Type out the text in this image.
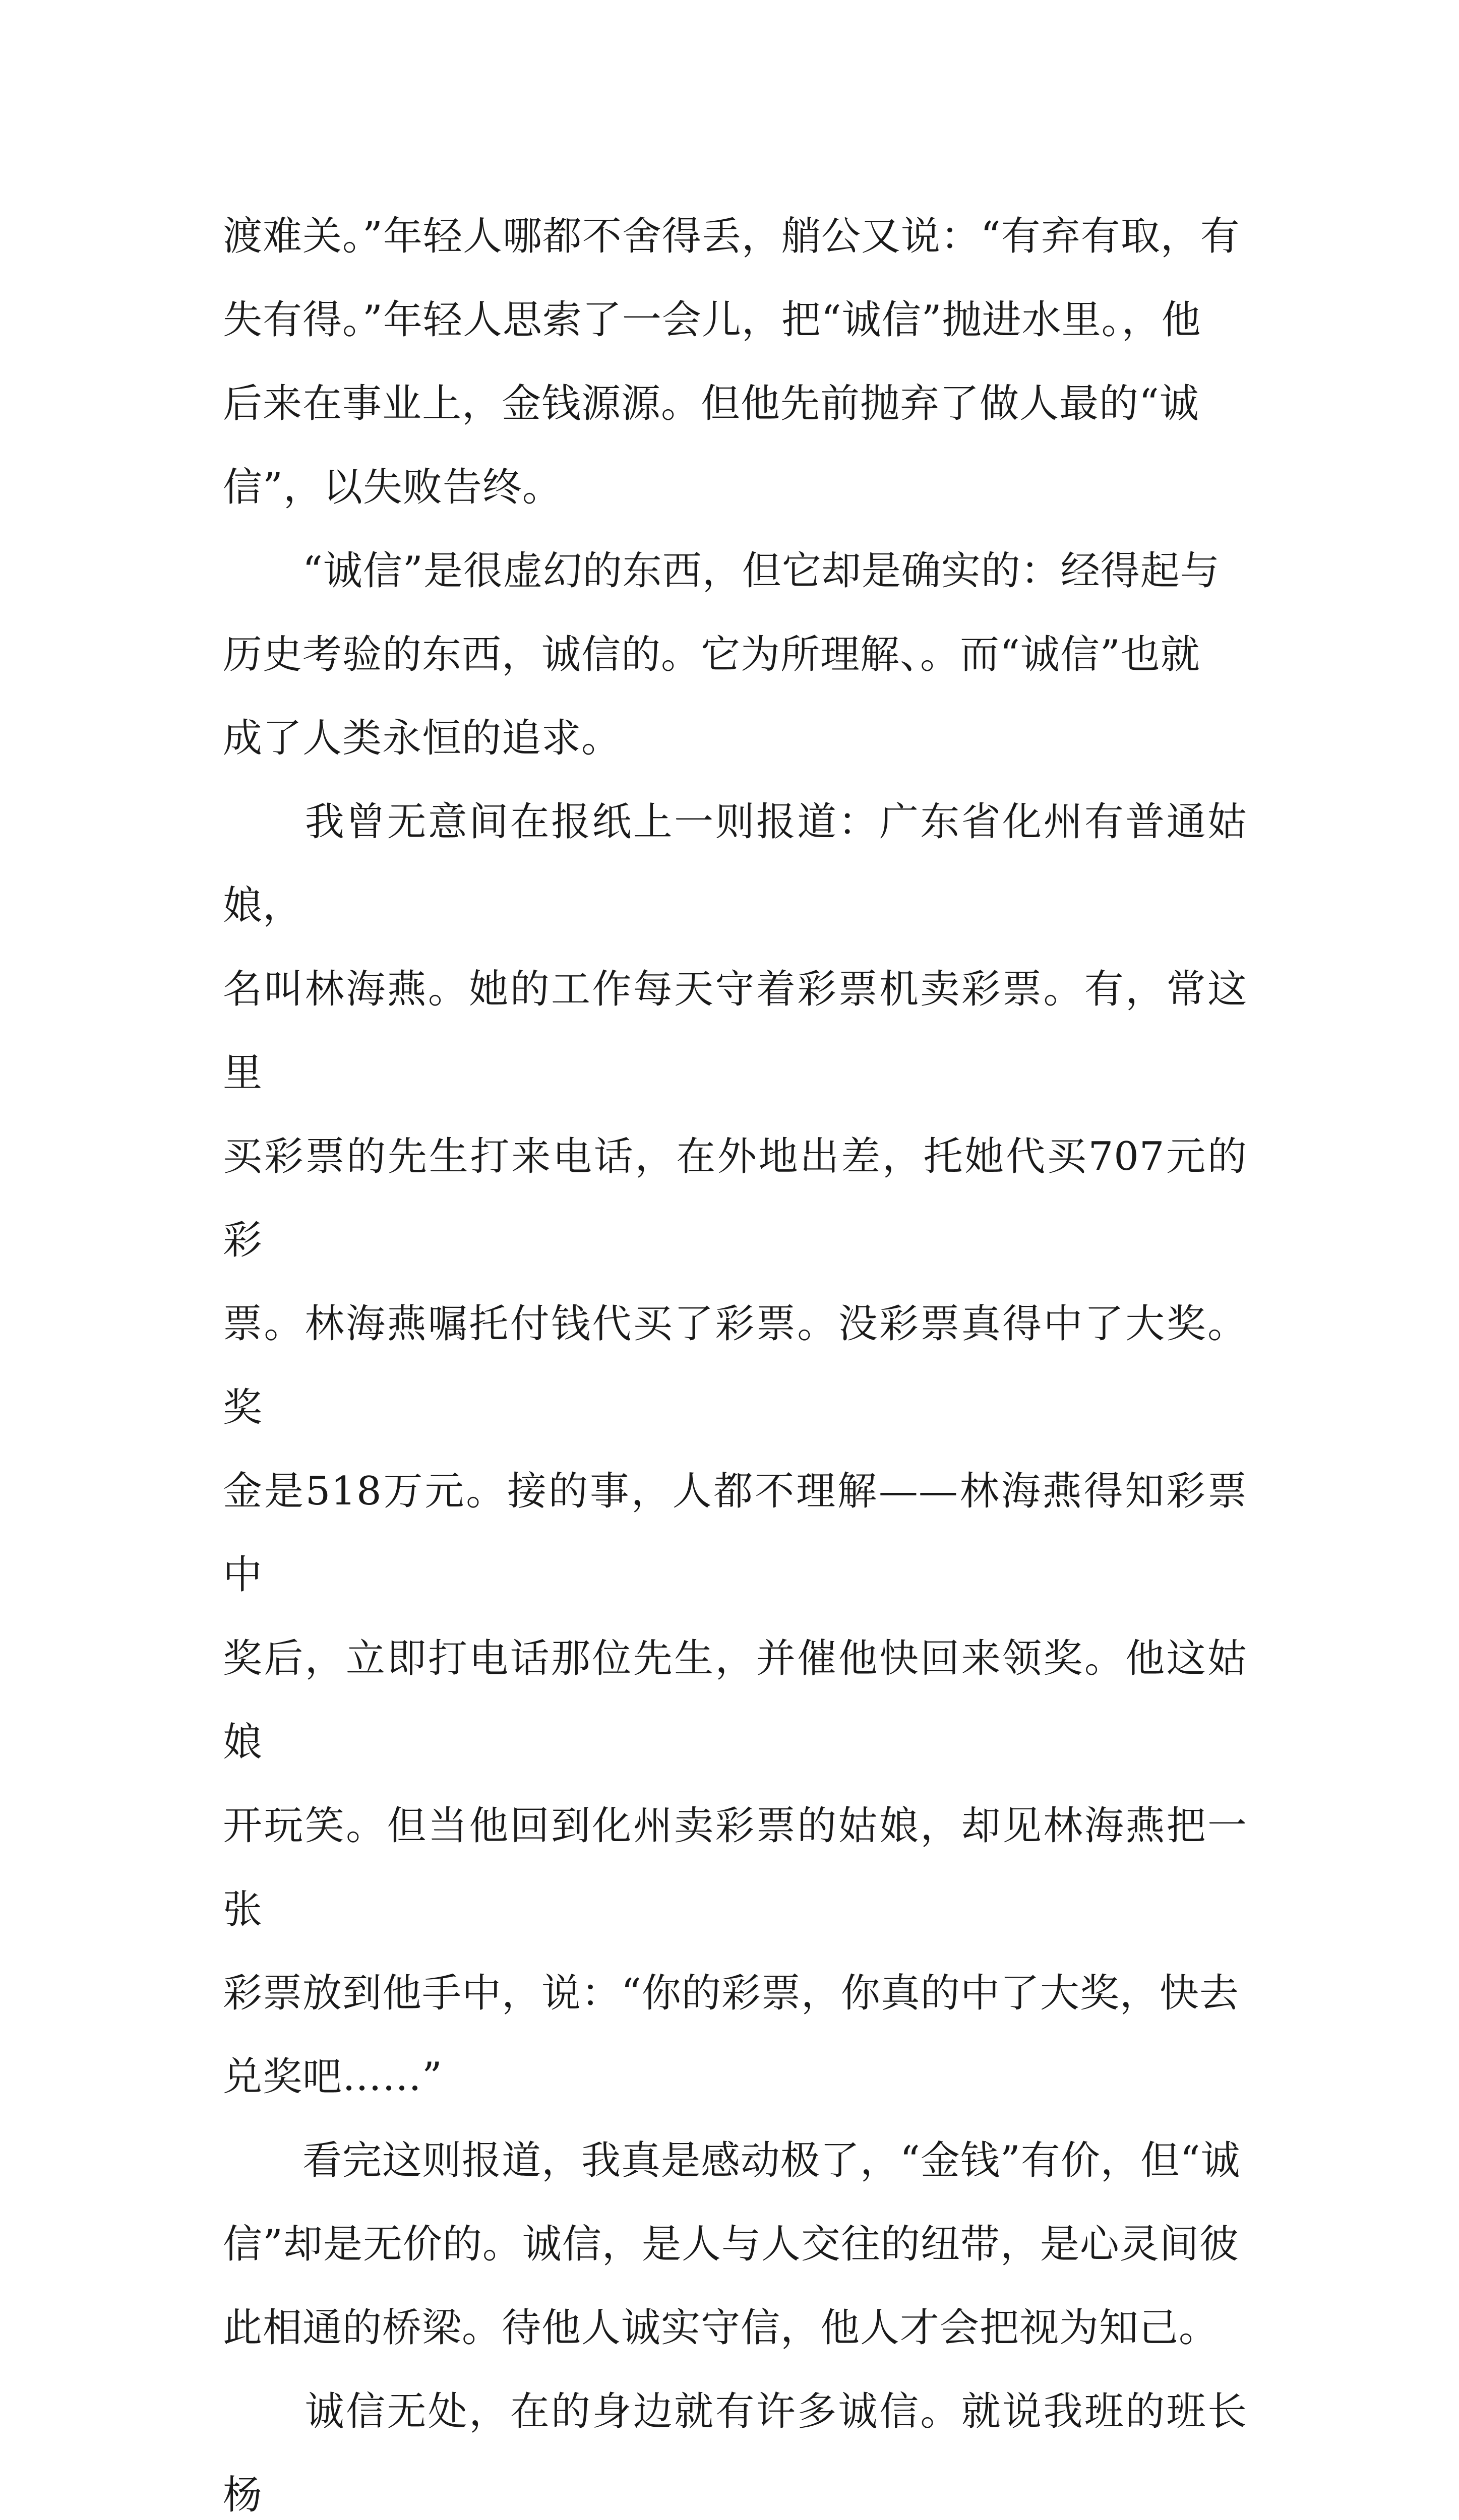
渡难关。”年轻人哪都不舍得丢，艄公又说：“有弃有取，有
失有得。”年轻人思索了一会儿，把“诚信”抛进水里。，他
后来在事业上，金钱源源。但他先前抛弃了做人最的“诚
信”，以失败告终。

　　“诚信”是很虚幻的东西，但它却是确实的：经得起与
历史考验的东西，诚信的。它为所理解、。而“诚信”也就
成了人类永恒的追求。

　　我曾无意间在报纸上一则报道：广东省化州有普通姑娘，
名叫林海燕。她的工作每天守着彩票机卖彩票。有，常这里
买彩票的先生打来电话，在外地出差，托她代买707元的彩
票。林海燕嘱托付钱代买了彩票。没彩票真得中了大奖。奖
金是518万元。接的事，人都不理解——林海燕得知彩票中
奖后，立即打电话那位先生，并催他快回来领奖。他这姑娘
开玩笑。但当他回到化州卖彩票的姑娘，却见林海燕把一张
彩票放到他手中，说：“你的彩票，你真的中了大奖，快去
兑奖吧……”

　　看完这则报道，我真是感动极了，“金钱”有价，但“诚
信”却是无价的。诚信，是人与人交往的纽带，是心灵间彼
此相通的桥梁。待他人诚实守信，他人才会把视为知己。

　　诚信无处，在的身边就有许多诚信。就说我班的班长杨
